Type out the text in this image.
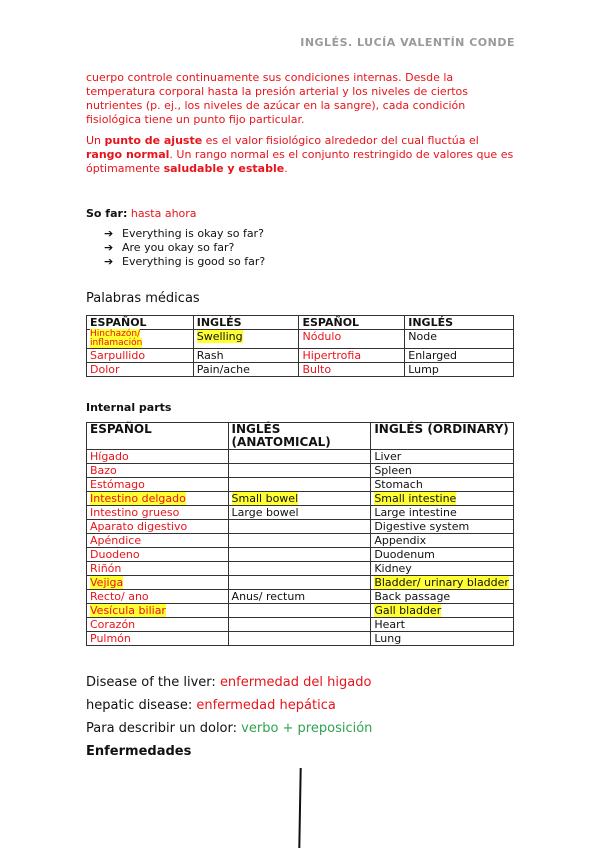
INGLÉS. LUCÍA VALENTÍN CONDE
cuerpo controle continuamente sus condiciones internas. Desde la temperatura corporal hasta la presión arterial y los niveles de ciertos nutrientes (p. ej., los niveles de azúcar en la sangre), cada condición fisiológica tiene un punto fijo particular.
Un punto de ajuste es el valor fisiológico alrededor del cual fluctúa el rango normal. Un rango normal es el conjunto restringido de valores que es óptimamente saludable y estable.
So far: hasta ahora
➔ Everything is okay so far?
➔ Are you okay so far?
➔ Everything is good so far?
Palabras médicas
ESPAÑOL	INGLÉS	ESPAÑOL	INGLÉS
Hinchazón/ inflamación	Swelling	Nódulo	Node
Sarpullido	Rash	Hipertrofia	Enlarged
Dolor	Pain/ache	Bulto	Lump
Internal parts
ESPAÑOL	INGLÉS (ANATOMICAL)	INGLÉS (ORDINARY)
Hígado		Liver
Bazo		Spleen
Estómago		Stomach
Intestino delgado	Small bowel	Small intestine
Intestino grueso	Large bowel	Large intestine
Aparato digestivo		Digestive system
Apéndice		Appendix
Duodeno		Duodenum
Riñón		Kidney
Vejiga		Bladder/ urinary bladder
Recto/ ano	Anus/ rectum	Back passage
Vesícula biliar		Gall bladder
Corazón		Heart
Pulmón		Lung
Disease of the liver: enfermedad del higado
hepatic disease: enfermedad hepática
Para describir un dolor: verbo + preposición
Enfermedades
